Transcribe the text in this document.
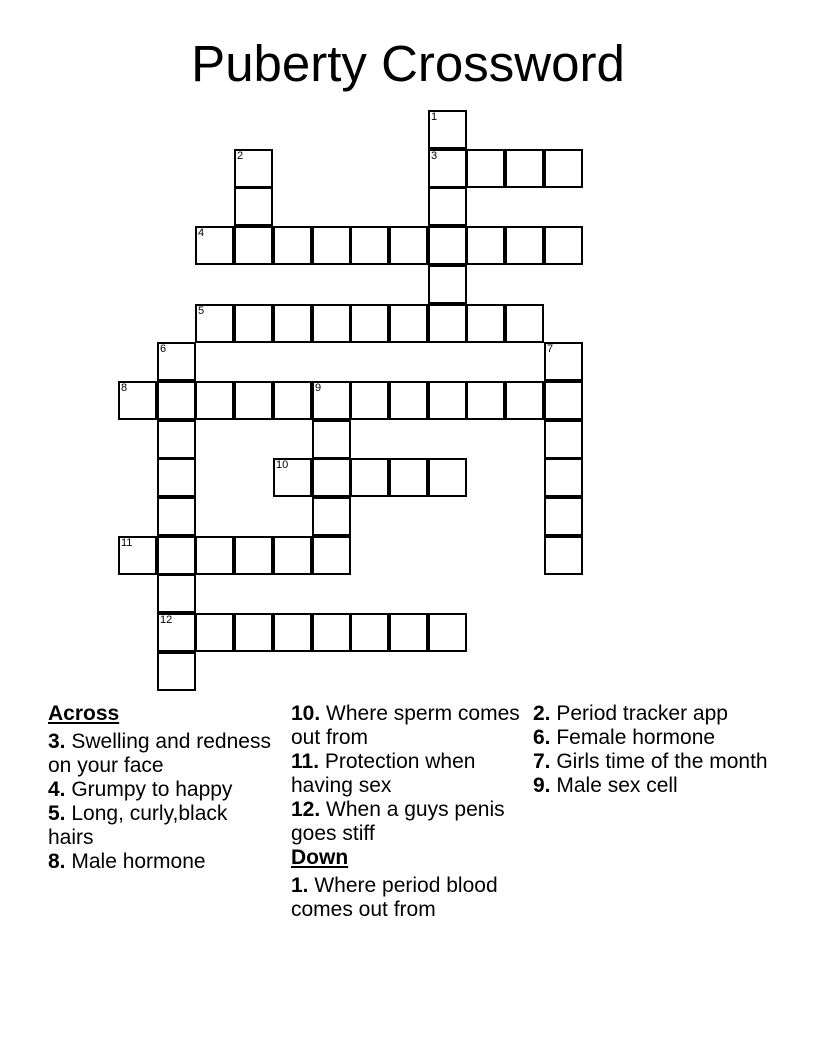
Puberty Crossword
1
2	3
4
5
6	7
8	9
10
11
12
Across
3. Swelling and redness on your face
4. Grumpy to happy
5. Long, curly,black hairs
8. Male hormone
10. Where sperm comes out from
11. Protection when having sex
12. When a guys penis goes stiff
Down
1. Where period blood comes out from
2. Period tracker app
6. Female hormone
7. Girls time of the month
9. Male sex cell
